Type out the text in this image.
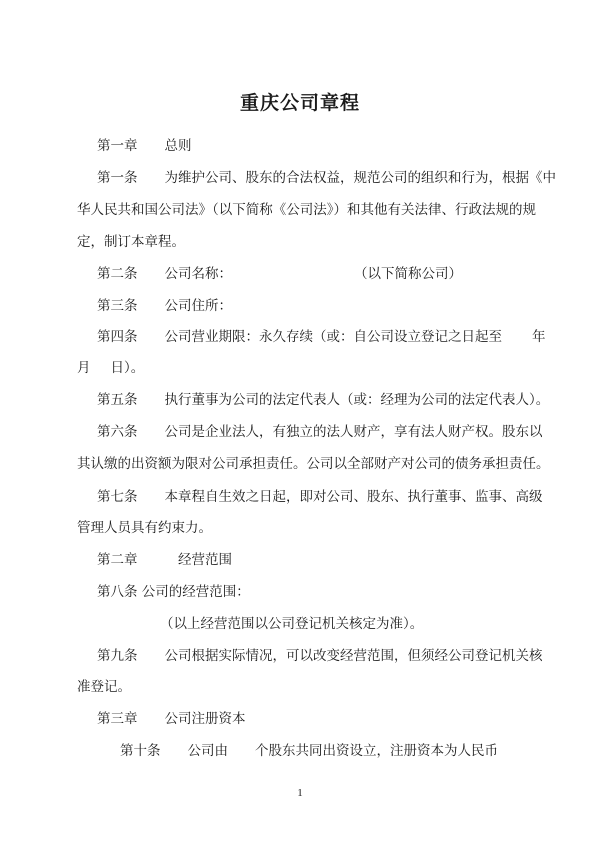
重庆公司章程
第一章　　总则
第一条　　为维护公司、股东的合法权益，规范公司的组织和行为，根据《中
华人民共和国公司法》（以下简称《公司法》）和其他有关法律、行政法规的规
定，制订本章程。
第二条　　公司名称：	（以下简称公司）
第三条　　公司住所：
第四条　　公司营业期限：永久存续（或：自公司设立登记之日起至 年
月 日）。
第五条　　执行董事为公司的法定代表人（或：经理为公司的法定代表人）。
第六条　　公司是企业法人，有独立的法人财产，享有法人财产权。股东以
其认缴的出资额为限对公司承担责任。公司以全部财产对公司的债务承担责任。
第七条　　本章程自生效之日起，即对公司、股东、执行董事、监事、高级
管理人员具有约束力。
第二章　　　经营范围
第八条 公司的经营范围：
（以上经营范围以公司登记机关核定为准）。
第九条　　公司根据实际情况，可以改变经营范围，但须经公司登记机关核
准登记。
第三章　　公司注册资本
第十条　　公司由　　个股东共同出资设立，注册资本为人民币
1
